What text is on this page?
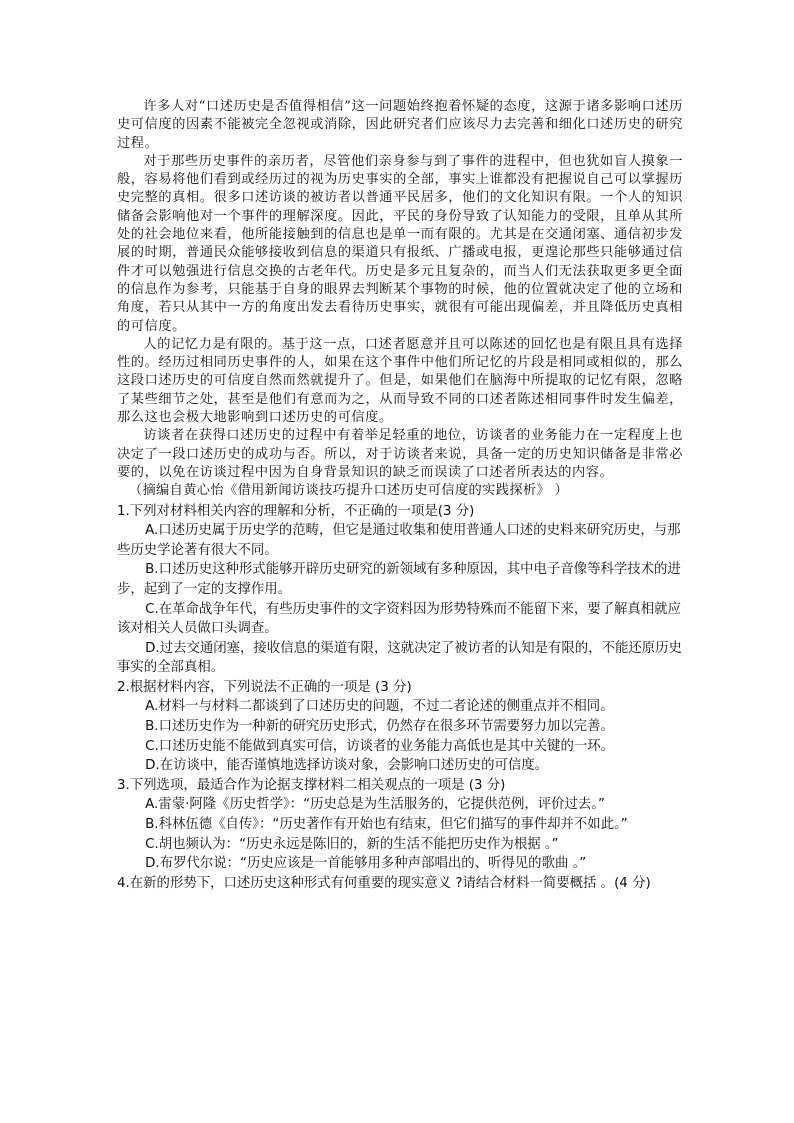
许多人对“口述历史是否值得相信”这一问题始终抱着怀疑的态度，这源于诸多影响口述历史可信度的因素不能被完全忽视或消除，因此研究者们应该尽力去完善和细化口述历史的研究过程。

对于那些历史事件的亲历者，尽管他们亲身参与到了事件的进程中，但也犹如盲人摸象一般，容易将他们看到或经历过的视为历史事实的全部，事实上谁都没有把握说自己可以掌握历史完整的真相。很多口述访谈的被访者以普通平民居多，他们的文化知识有限。一个人的知识储备会影响他对一个事件的理解深度。因此，平民的身份导致了认知能力的受限，且单从其所处的社会地位来看，他所能接触到的信息也是单一而有限的。尤其是在交通闭塞、通信初步发展的时期，普通民众能够接收到信息的渠道只有报纸、广播或电报，更遑论那些只能够通过信件才可以勉强进行信息交换的古老年代。历史是多元且复杂的，而当人们无法获取更多更全面的信息作为参考，只能基于自身的眼界去判断某个事物的时候，他的位置就决定了他的立场和角度，若只从其中一方的角度出发去看待历史事实，就很有可能出现偏差，并且降低历史真相的可信度。

人的记忆力是有限的。基于这一点，口述者愿意并且可以陈述的回忆也是有限且具有选择性的。经历过相同历史事件的人，如果在这个事件中他们所记忆的片段是相同或相似的，那么这段口述历史的可信度自然而然就提升了。但是，如果他们在脑海中所提取的记忆有限，忽略了某些细节之处，甚至是他们有意而为之，从而导致不同的口述者陈述相同事件时发生偏差，那么这也会极大地影响到口述历史的可信度。

访谈者在获得口述历史的过程中有着举足轻重的地位，访谈者的业务能力在一定程度上也决定了一段口述历史的成功与否。所以，对于访谈者来说，具备一定的历史知识储备是非常必要的，以免在访谈过程中因为自身背景知识的缺乏而误读了口述者所表达的内容。

（摘编自黄心怡《借用新闻访谈技巧提升口述历史可信度的实践探析》 ）

1.下列对材料相关内容的理解和分析，不正确的一项是(3 分)

A.口述历史属于历史学的范畴，但它是通过收集和使用普通人口述的史料来研究历史，与那些历史学论著有很大不同。

B.口述历史这种形式能够开辟历史研究的新领域有多种原因，其中电子音像等科学技术的进步，起到了一定的支撑作用。

C.在革命战争年代，有些历史事件的文字资料因为形势特殊而不能留下来，要了解真相就应该对相关人员做口头调查。

D.过去交通闭塞，接收信息的渠道有限，这就决定了被访者的认知是有限的，不能还原历史事实的全部真相。

2.根据材料内容，下列说法不正确的一项是 (3 分)

A.材料一与材料二都谈到了口述历史的问题，不过二者论述的侧重点并不相同。

B.口述历史作为一种新的研究历史形式，仍然存在很多环节需要努力加以完善。

C.口述历史能不能做到真实可信，访谈者的业务能力高低也是其中关键的一环。

D.在访谈中，能否谨慎地选择访谈对象，会影响口述历史的可信度。

3.下列选项，最适合作为论据支撑材料二相关观点的一项是 (3 分)

A.雷蒙·阿隆《历史哲学》：“历史总是为生活服务的，它提供范例，评价过去。”

B.科林伍德《自传》：“历史著作有开始也有结束，但它们描写的事件却并不如此。”

C.胡也频认为：“历史永远是陈旧的，新的生活不能把历史作为根据 。”

D.布罗代尔说：“历史应该是一首能够用多种声部唱出的、听得见的歌曲 。”

4.在新的形势下，口述历史这种形式有何重要的现实意义 ?请结合材料一简要概括 。(4 分)
